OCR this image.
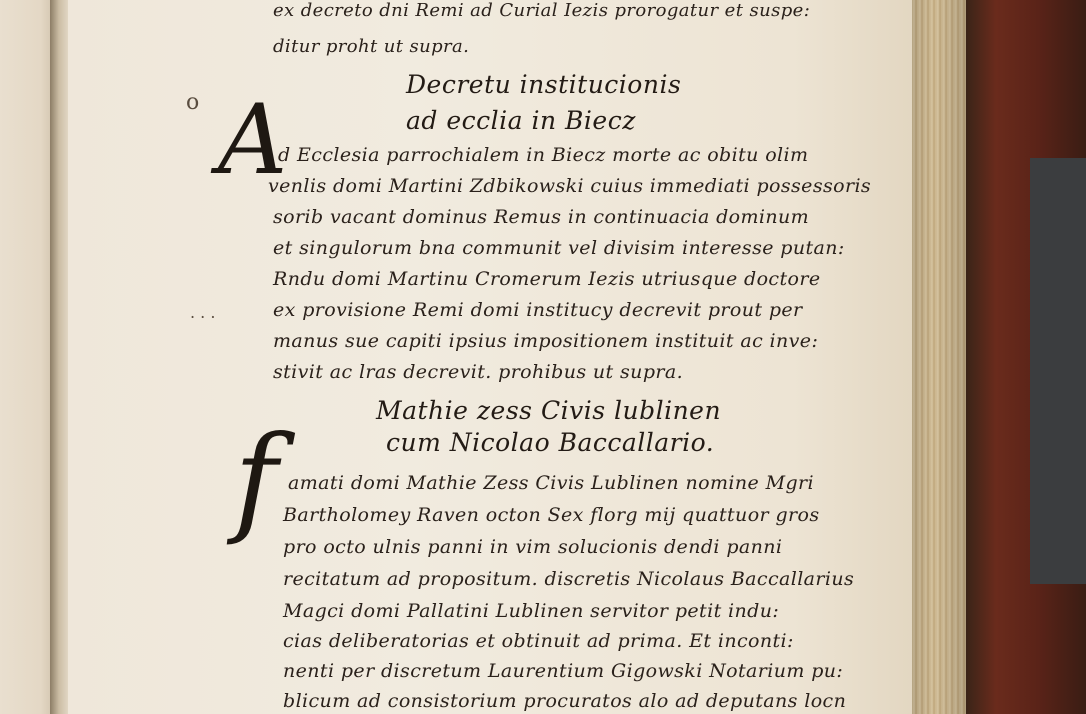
ex decreto dni Remi ad Curial Iezis prorogatur et suspe:
ditur proht ut supra.
o
Decretu institucionis
ad ecclia in Biecz
A
d Ecclesia parrochialem in Biecz morte ac obitu olim
venlis domi Martini Zdbikowski cuius immediati possessoris
sorib vacant dominus Remus in continuacia dominum
et singulorum bna communit vel divisim interesse putan:
Rndu domi Martinu Cromerum Iezis utriusque doctore
ex provisione Remi domi institucy decrevit prout per
manus sue capiti ipsius impositionem instituit ac inve:
stivit ac lras decrevit. prohibus ut supra.
. . .
Mathie zess Civis lublinen
cum Nicolao Baccallario.
f amati domi Mathie Zess Civis Lublinen nomine Mgri
Bartholomey Raven octon Sex florg mij quattuor gros
pro octo ulnis panni in vim solucionis dendi panni
recitatum ad propositum. discretis Nicolaus Baccallarius
Magci domi Pallatini Lublinen servitor petit indu:
cias deliberatorias et obtinuit ad prima. Et inconti:
nenti per discretum Laurentium Gigowski Notarium pu:
blicum ad consistorium procuratos alo ad deputans locn
